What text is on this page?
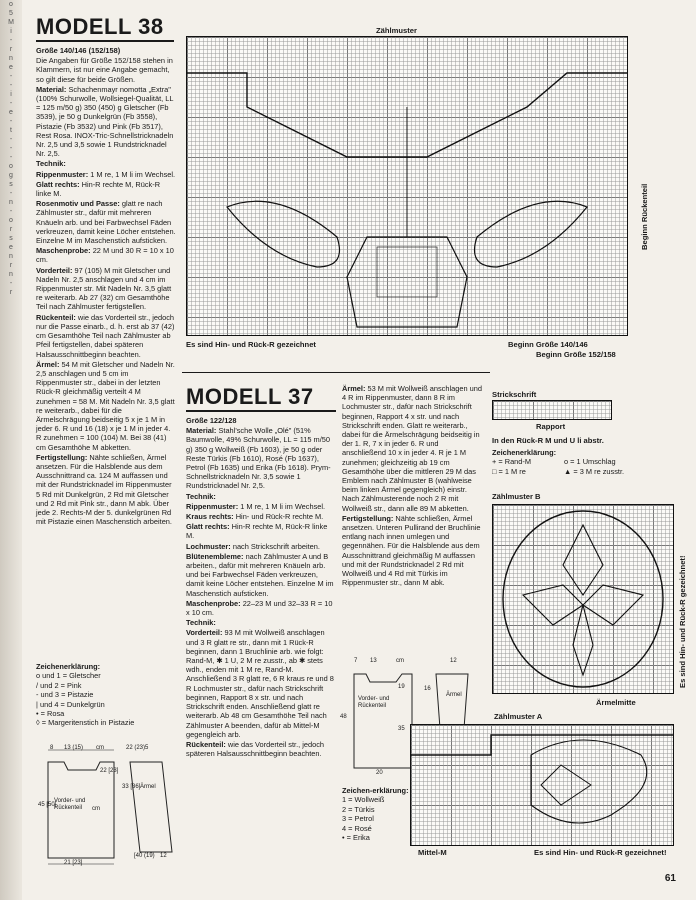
o
5
M
i
-
r
n
e
-
-
i
-
e
-
t
-
-
-
o
g
s
-
n
-
o
r
s
e
n
r
n
-
r
MODELL 38

Größe 140/146 (152/158)

Die Angaben für Größe 152/158 stehen in Klammern, ist nur eine Angabe gemacht, so gilt diese für beide Größen.

Material: Schachenmayr nomotta „Extra" (100% Schurwolle, Wollsiegel-Qualität, LL = 125 m/50 g) 350 (450) g Gletscher (Fb 3539), je 50 g Dunkelgrün (Fb 3558), Pistazie (Fb 3532) und Pink (Fb 3517), Rest Rosa. INOX-Tric-Schnellstricknadeln Nr. 2,5 und 3,5 sowie 1 Rundstricknadel Nr. 2,5.

Technik:

Rippenmuster: 1 M re, 1 M li im Wechsel.

Glatt rechts: Hin-R rechte M, Rück-R linke M.

Rosenmotiv und Passe: glatt re nach Zählmuster str., dafür mit mehreren Knäueln arb. und bei Farbwechsel Fäden verkreuzen, damit keine Löcher entstehen. Einzelne M im Maschenstich aufsticken.

Maschenprobe: 22 M und 30 R = 10 x 10 cm.

Vorderteil: 97 (105) M mit Gletscher und Nadeln Nr. 2,5 anschlagen und 4 cm im Rippenmuster str. Mit Nadeln Nr. 3,5 glatt re weiterarb. Ab 27 (32) cm Gesamthöhe Teil nach Zählmuster fertigstellen.

Rückenteil: wie das Vorderteil str., jedoch nur die Passe einarb., d. h. erst ab 37 (42) cm Gesamthöhe Teil nach Zählmuster ab Pfeil fertigstellen, dabei späteren Halsausschnittbeginn beachten.

Ärmel: 54 M mit Gletscher und Nadeln Nr. 2,5 anschlagen und 5 cm im Rippenmuster str., dabei in der letzten Rück-R gleichmäßig verteilt 4 M zunehmen = 58 M. Mit Nadeln Nr. 3,5 glatt re weiterarb., dabei für die Ärmelschrägung beidseitig 5 x je 1 M in jeder 6. R und 16 (18) x je 1 M in jeder 4. R zunehmen = 100 (104) M. Bei 38 (41) cm Gesamthöhe M abketten.

Fertigstellung: Nähte schließen, Ärmel ansetzen. Für die Halsblende aus dem Ausschnittrand ca. 124 M auffassen und mit der Rundstricknadel im Rippenmuster 5 Rd mit Dunkelgrün, 2 Rd mit Gletscher und 2 Rd mit Pink str., dann M abk. Über jede 2. Rechts-M der 5. dunkelgrünen Rd mit Pistazie einen Maschenstich arbeiten.

Zeichenerklärung:
o und 1 = Gletscher
/ und 2 = Pink
- und 3 = Pistazie
| und 4 = Dunkelgrün
• = Rosa
◊ = Margeritenstich in Pistazie
8 13 (15) cm
22 [23]
22 (23) 5
33 [36]
45 [50]
cm
Vorder- und Rückenteil
Ärmel
21 [23]
[40 (19) 12
Zählmuster
Es sind Hin- und Rück-R gezeichnet	Beginn Größe 140/146
Beginn Größe 152/158
Beginn Rückenteil
MODELL 37

Größe 122/128

Material: Stahl'sche Wolle „Olé" (51% Baumwolle, 49% Schurwolle, LL = 115 m/50 g) 350 g Wollweiß (Fb 1603), je 50 g oder Reste Türkis (Fb 1610), Rosé (Fb 1637), Petrol (Fb 1635) und Erika (Fb 1618). Prym-Schnellstricknadeln Nr. 3,5 sowie 1 Rundstricknadel Nr. 2,5.

Technik:

Rippenmuster: 1 M re, 1 M li im Wechsel.

Kraus rechts: Hin- und Rück-R rechte M.

Glatt rechts: Hin-R rechte M, Rück-R linke M.

Lochmuster: nach Strickschrift arbeiten.

Blütenembleme: nach Zählmuster A und B arbeiten., dafür mit mehreren Knäueln arb. und bei Farbwechsel Fäden verkreuzen, damit keine Löcher entstehen. Einzelne M im Maschenstich aufsticken.

Maschenprobe: 22–23 M und 32–33 R = 10 x 10 cm.

Technik:

Vorderteil: 93 M mit Wollweiß anschlagen und 3 R glatt re str., dann mit 1 Rück-R beginnen, dann 1 Bruchlinie arb. wie folgt: Rand-M, ✱ 1 U, 2 M re zusstr., ab ✱ stets wdh., enden mit 1 M re, Rand-M. Anschließend 3 R glatt re, 6 R kraus re und 8 R Lochmuster str., dafür nach Strickschrift beginnen, Rapport 8 x str. und nach Strickschrift enden. Anschließend glatt re weiterarb. Ab 48 cm Gesamthöhe Teil nach Zählmuster A beenden, dafür ab Mittel-M gegengleich arb.

Rückenteil: wie das Vorderteil str., jedoch späteren Halsausschnittbeginn beachten.

Ärmel: 53 M mit Wollweiß anschlagen und 4 R im Rippenmuster, dann 8 R im Lochmuster str., dafür nach Strickschrift beginnen, Rapport 4 x str. und nach Strickschrift enden. Glatt re weiterarb., dabei für die Ärmelschrägung beidseitig in der 1. R, 7 x in jeder 6. R und anschließend 10 x in jeder 4. R je 1 M zunehmen; gleichzeitig ab 19 cm Gesamthöhe über die mittleren 29 M das Emblem nach Zählmuster B (wahlweise beim linken Ärmel gegengleich) einstr. Nach Zählmusterende noch 2 R mit Wollweiß str., dann alle 89 M abketten.

Fertigstellung: Nähte schließen, Ärmel ansetzen. Unteren Pullirand der Bruchlinie entlang nach innen umlegen und gegennähen. Für die Halsblende aus dem Ausschnittrand gleichmäßig M auffassen und mit der Rundstricknadel 2 Rd mit Wollweiß und 4 Rd mit Türkis im Rippenmuster str., dann M abk.

7 13	cm	12
19	16
48
35
Vorder- und Rückenteil
Ärmel
20
Zeichen-erklärung:
1 = Wollweiß
2 = Türkis
3 = Petrol
4 = Rosé
• = Erika
Strickschrift
Rapport
In den Rück-R M und U li abstr.
Zeichenerklärung:
+ = Rand-M	o = 1 Umschlag
□ = 1 M re	▲ = 3 M re zusstr.
Zählmuster B
Es sind Hin- und Rück-R gezeichnet!
Ärmelmitte
Zählmuster A
Mittel-M	Es sind Hin- und Rück-R gezeichnet!
61
